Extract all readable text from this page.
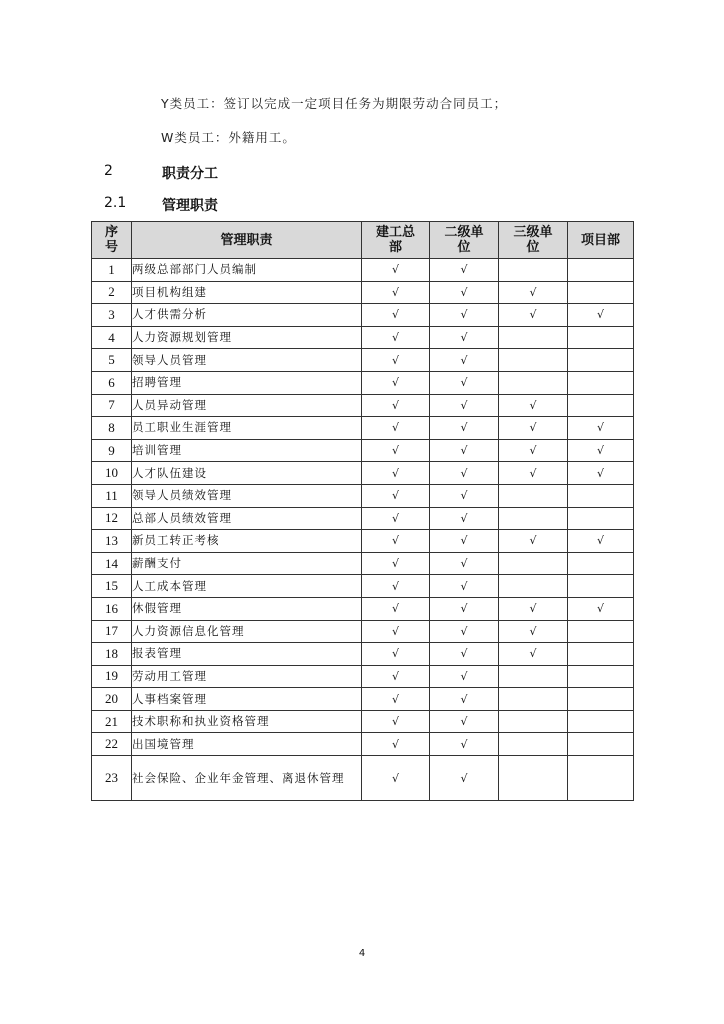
Y类员工：签订以完成一定项目任务为期限劳动合同员工；
W类员工：外籍用工。
2	职责分工
2.1	管理职责
序号	管理职责	建工总部	二级单位	三级单位	项目部
1	两级总部部门人员编制	√	√		
2	项目机构组建	√	√	√	
3	人才供需分析	√	√	√	√
4	人力资源规划管理	√	√		
5	领导人员管理	√	√		
6	招聘管理	√	√		
7	人员异动管理	√	√	√	
8	员工职业生涯管理	√	√	√	√
9	培训管理	√	√	√	√
10	人才队伍建设	√	√	√	√
11	领导人员绩效管理	√	√		
12	总部人员绩效管理	√	√		
13	新员工转正考核	√	√	√	√
14	薪酬支付	√	√		
15	人工成本管理	√	√		
16	休假管理	√	√	√	√
17	人力资源信息化管理	√	√	√	
18	报表管理	√	√	√	
19	劳动用工管理	√	√		
20	人事档案管理	√	√		
21	技术职称和执业资格管理	√	√		
22	出国境管理	√	√		
23	社会保险、企业年金管理、离退休管理	√	√		
4
